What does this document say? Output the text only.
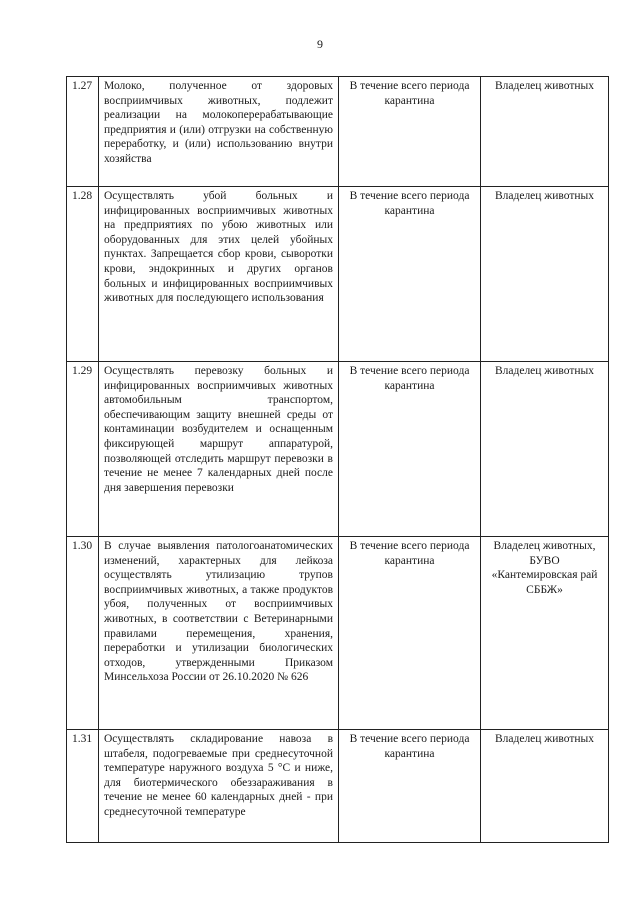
9
1.27	Молоко, полученное от здоровых восприимчивых животных, подлежит реализации на молокоперерабатывающие предприятия и (или) отгрузки на собственную переработку, и (или) использованию внутри хозяйства	В течение всего периода карантина	Владелец животных
1.28	Осуществлять убой больных и инфицированных восприимчивых животных на предприятиях по убою животных или оборудованных для этих целей убойных пунктах. Запрещается сбор крови, сыворотки крови, эндокринных и других органов больных и инфицированных восприимчивых животных для последующего использования	В течение всего периода карантина	Владелец животных
1.29	Осуществлять перевозку больных и инфицированных восприимчивых животных автомобильным транспортом, обеспечивающим защиту внешней среды от контаминации возбудителем и оснащенным фиксирующей маршрут аппаратурой, позволяющей отследить маршрут перевозки в течение не менее 7 календарных дней после дня завершения перевозки	В течение всего периода карантина	Владелец животных
1.30	В случае выявления патологоанатомических изменений, характерных для лейкоза осуществлять утилизацию трупов восприимчивых животных, а также продуктов убоя, полученных от восприимчивых животных, в соответствии с Ветеринарными правилами перемещения, хранения, переработки и утилизации биологических отходов, утвержденными Приказом Минсельхоза России от 26.10.2020 № 626	В течение всего периода карантина	Владелец животных, БУВО «Кантемировская рай СББЖ»
1.31	Осуществлять складирование навоза в штабеля, подогреваемые при среднесуточной температуре наружного воздуха 5 °С и ниже, для биотермического обеззараживания в течение не менее 60 календарных дней - при среднесуточной температуре	В течение всего периода карантина	Владелец животных
